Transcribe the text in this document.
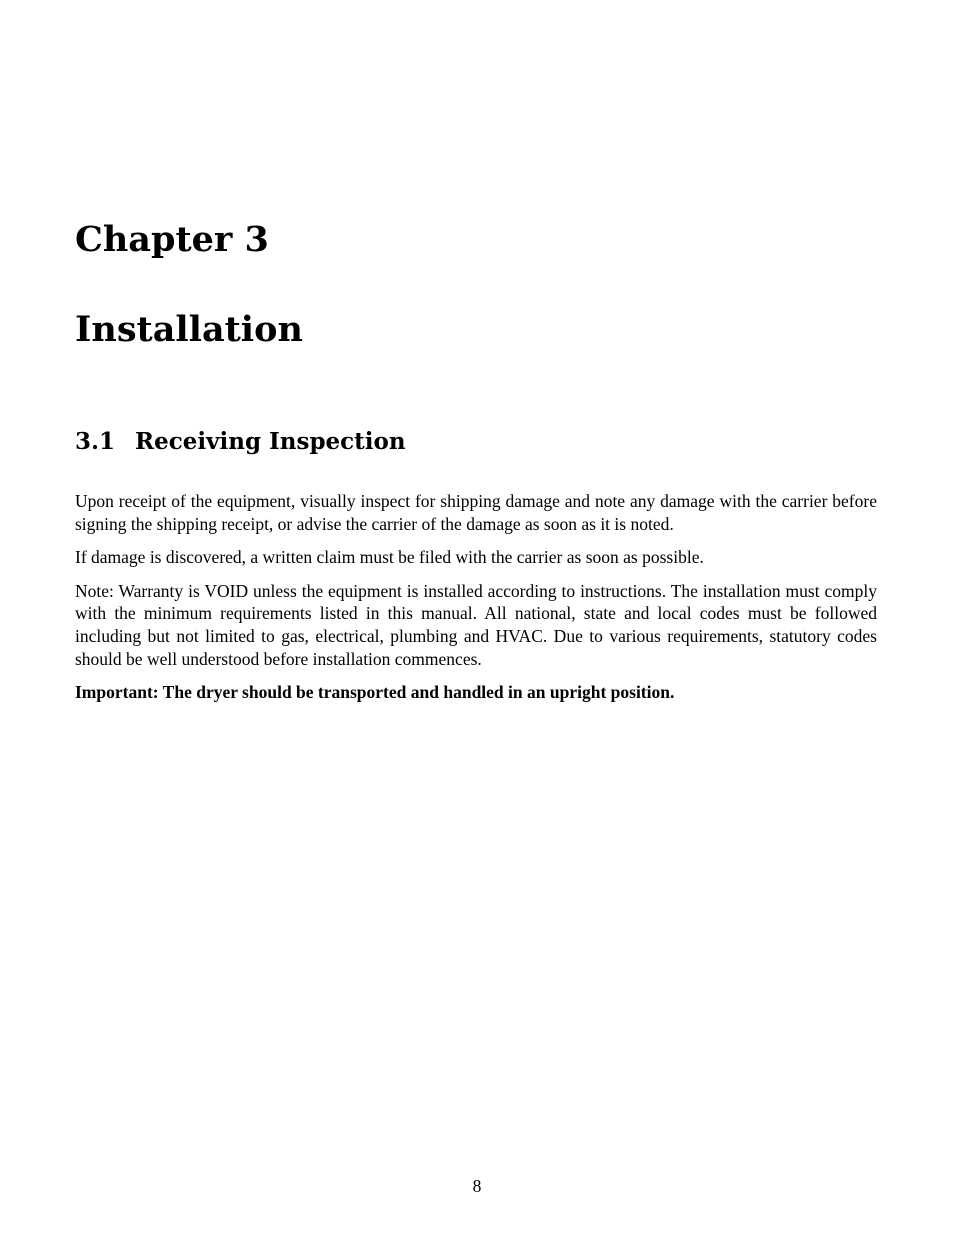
Chapter 3
Installation
3.1 Receiving Inspection

Upon receipt of the equipment, visually inspect for shipping damage and note any damage with the carrier before signing the shipping receipt, or advise the carrier of the damage as soon as it is noted.

If damage is discovered, a written claim must be filed with the carrier as soon as possible.

Note: Warranty is VOID unless the equipment is installed according to instructions. The installation must comply with the minimum requirements listed in this manual. All national, state and local codes must be followed including but not limited to gas, electrical, plumbing and HVAC. Due to various requirements, statutory codes should be well understood before installation commences.

Important: The dryer should be transported and handled in an upright position.

8
